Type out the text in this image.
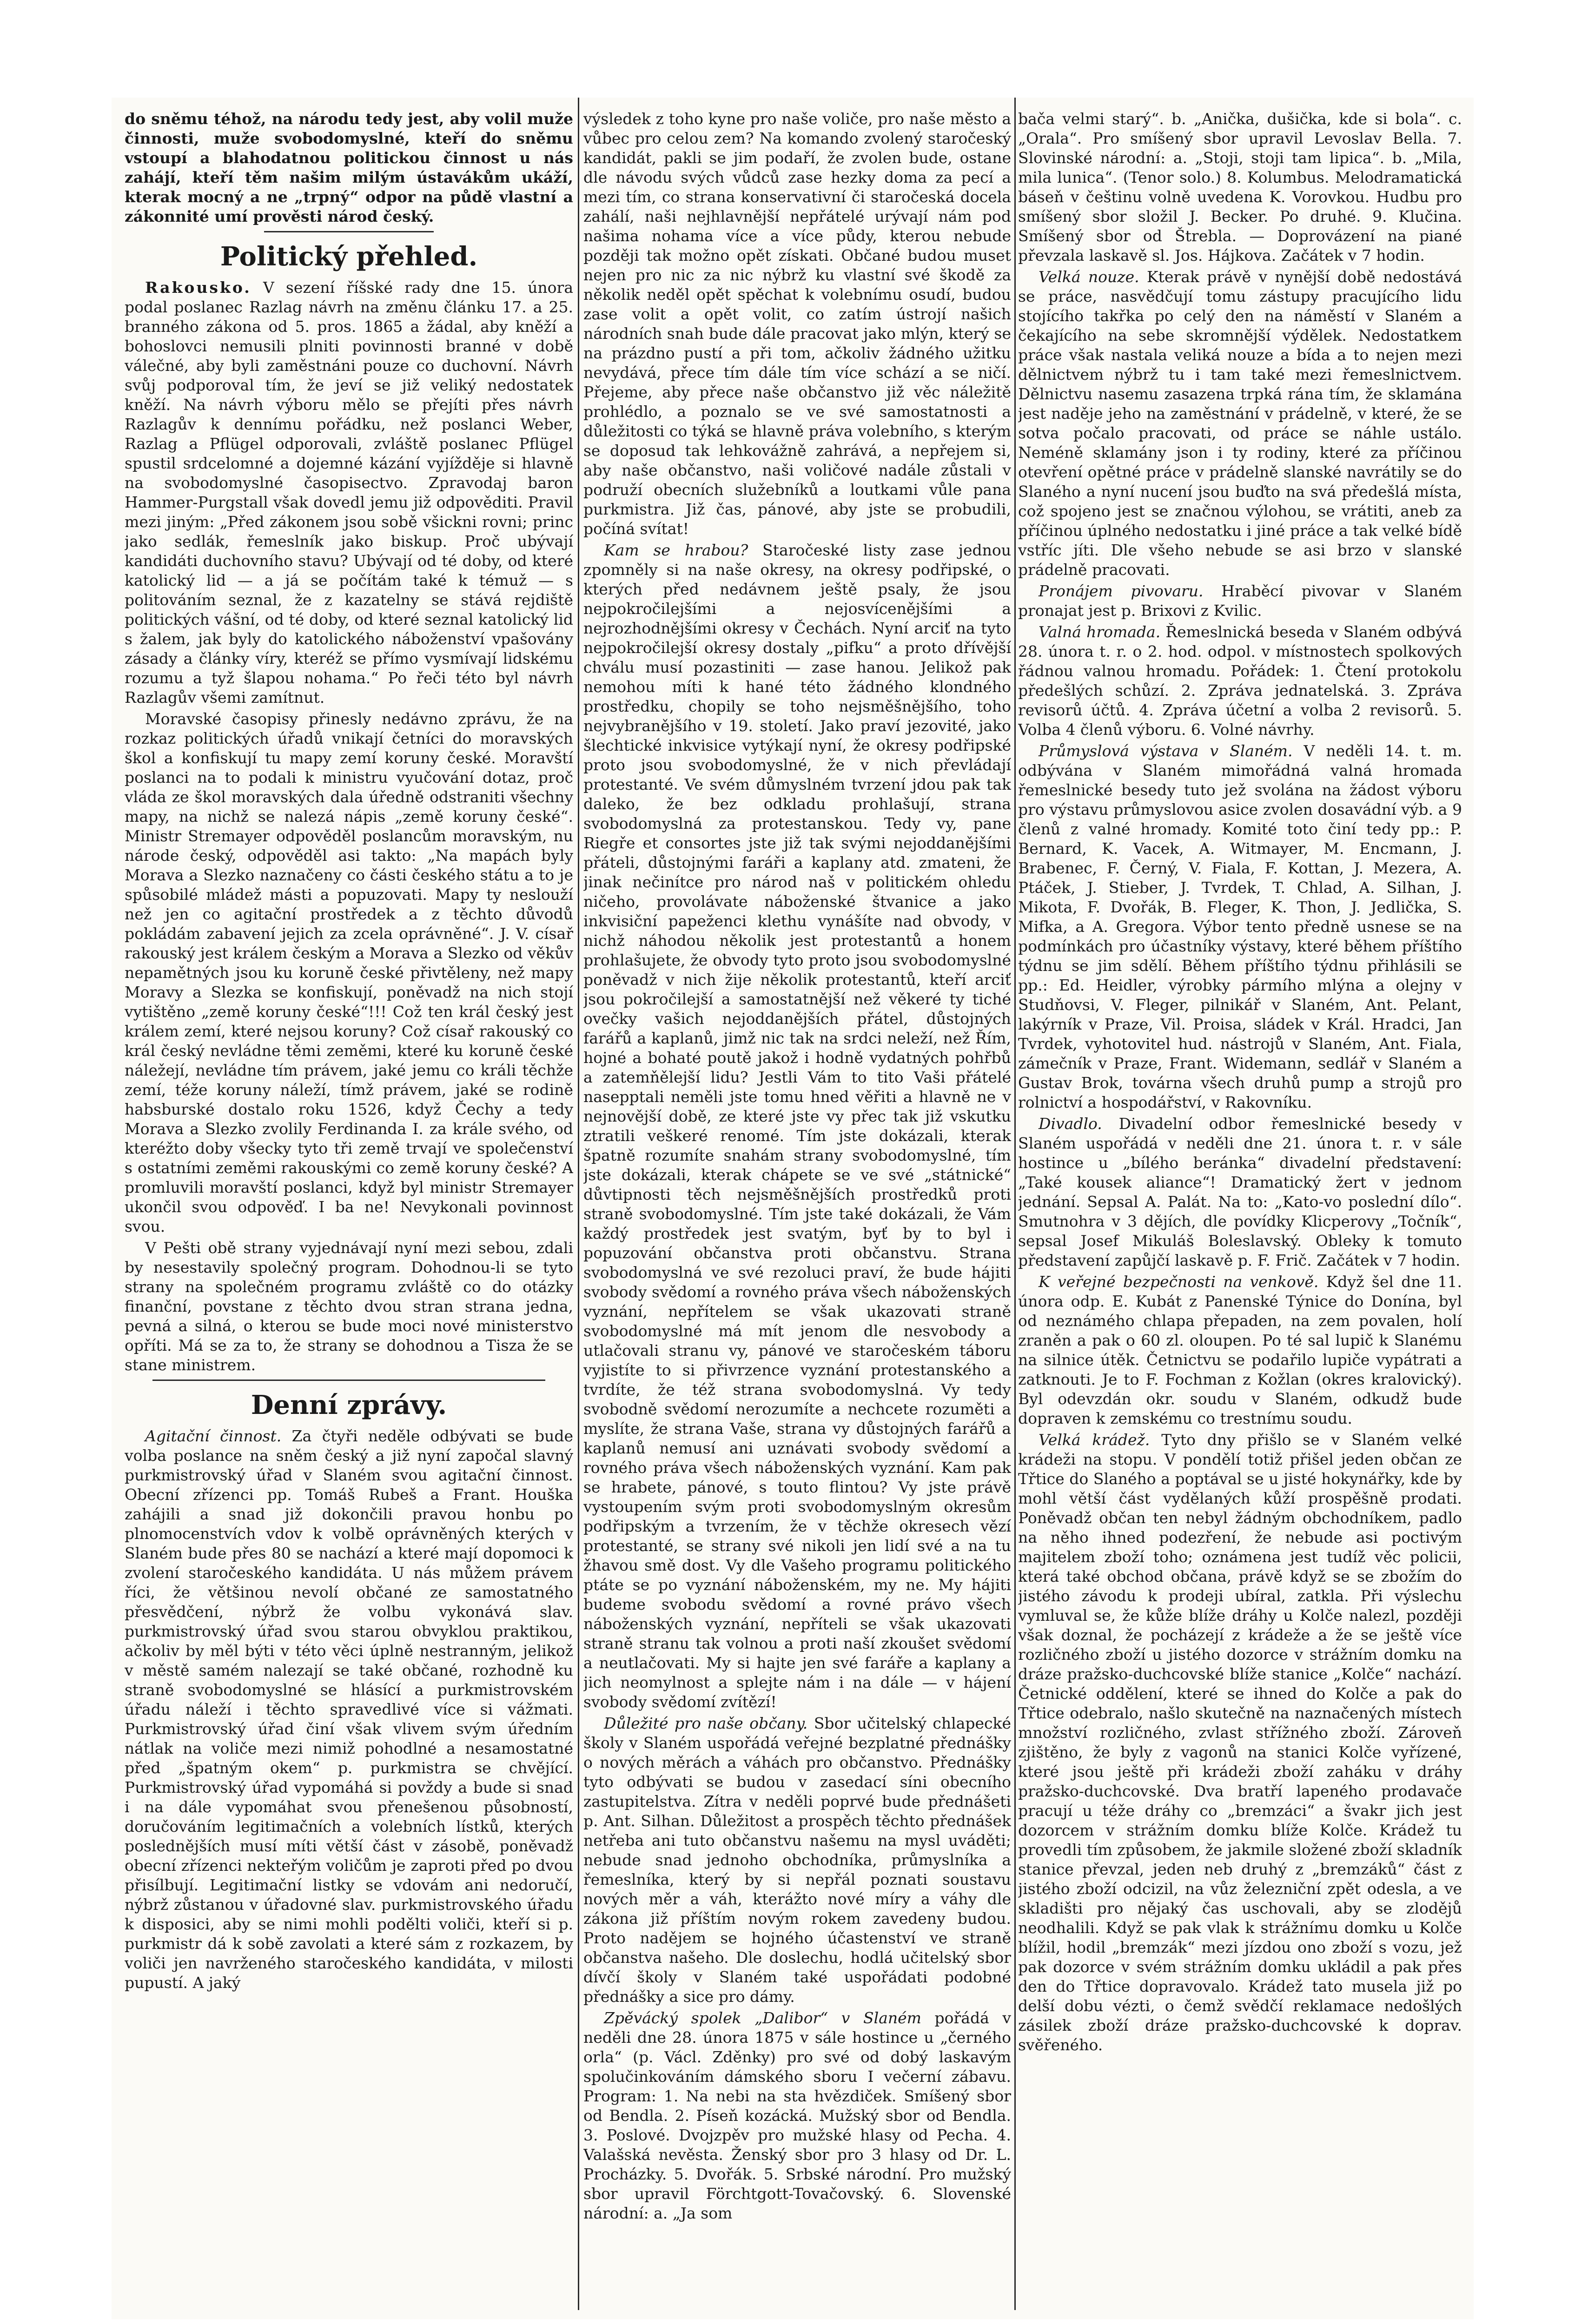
do sněmu téhož, na národu tedy jest, aby volil muže činnosti, muže svobodomyslné, kteří do sněmu vstoupí a blahodatnou politickou činnost u nás zahájí, kteří těm našim milým ústavákům ukáží, kterak mocný a ne „trpný“ odpor na půdě vlastní a zákonnité umí prověsti národ český.

Politický přehled.

Rakousko. V sezení říšské rady dne 15. února podal poslanec Razlag návrh na změnu článku 17. a 25. branného zákona od 5. pros. 1865 a žádal, aby kněží a bohoslovci nemusili plniti povinnosti branné v době válečné, aby byli zaměstnáni pouze co duchovní. Návrh svůj podporoval tím, že jeví se již veliký nedostatek kněží. Na návrh výboru mělo se přejíti přes návrh Razlagův k dennímu pořádku, než poslanci Weber, Razlag a Pflügel odporovali, zvláště poslanec Pflügel spustil srdcelomné a dojemné kázání vyjížděje si hlavně na svobodomyslné časopisectvo. Zpravodaj baron Hammer-Purgstall však dovedl jemu již odpověditi. Pravil mezi jiným: „Před zákonem jsou sobě všickni rovni; princ jako sedlák, řemeslník jako biskup. Proč ubývají kandidáti duchovního stavu? Ubývají od té doby, od které katolický lid — a já se počítám také k témuž — s politováním seznal, že z kazatelny se stává rejdiště politických vášní, od té doby, od které seznal katolický lid s žalem, jak byly do katolického náboženství vpašovány zásady a články víry, kteréž se přímo vysmívají lidskému rozumu a tyž šlapou nohama.“ Po řeči této byl návrh Razlagův všemi zamítnut.

Moravské časopisy přinesly nedávno zprávu, že na rozkaz politických úřadů vnikají četníci do moravských škol a konfiskují tu mapy zemí koruny české. Moravští poslanci na to podali k ministru vyučování dotaz, proč vláda ze škol moravských dala úředně odstraniti všechny mapy, na nichž se nalezá nápis „země koruny české“. Ministr Stremayer odpověděl poslancům moravským, nu národe český, odpověděl asi takto: „Na mapách byly Morava a Slezko naznačeny co části českého státu a to je spůsobilé mládež másti a popuzovati. Mapy ty neslouží než jen co agitační prostředek a z těchto důvodů pokládám zabavení jejich za zcela oprávněné“. J. V. císař rakouský jest králem českým a Morava a Slezko od věkův nepamětných jsou ku koruně české přivtěleny, než mapy Moravy a Slezka se konfiskují, poněvadž na nich stojí vytištěno „země koruny české“!!! Což ten král český jest králem zemí, které nejsou koruny? Což císař rakouský co král český nevládne těmi zeměmi, které ku koruně české náležejí, nevládne tím právem, jaké jemu co králi těchže zemí, téže koruny náleží, tímž právem, jaké se rodině habsburské dostalo roku 1526, když Čechy a tedy Morava a Slezko zvolily Ferdinanda I. za krále svého, od kteréžto doby všecky tyto tři země trvají ve společenství s ostatními zeměmi rakouskými co země koruny české? A promluvili moravští poslanci, když byl ministr Stremayer ukončil svou odpověď. I ba ne! Nevykonali povinnost svou.

V Pešti obě strany vyjednávají nyní mezi sebou, zdali by nesestavily společný program. Dohodnou-li se tyto strany na společném programu zvláště co do otázky finanční, povstane z těchto dvou stran strana jedna, pevná a silná, o kterou se bude moci nové ministerstvo opříti. Má se za to, že strany se dohodnou a Tisza že se stane ministrem.

Denní zprávy.

Agitační činnost. Za čtyři neděle odbývati se bude volba poslance na sněm český a již nyní započal slavný purkmistrovský úřad v Slaném svou agitační činnost. Obecní zřízenci pp. Tomáš Rubeš a Frant. Houška zahájili a snad již dokončili pravou honbu po plnomocenstvích vdov k volbě oprávněných kterých v Slaném bude přes 80 se nachází a které mají dopomoci k zvolení staročeského kandidáta. U nás můžem právem říci, že většinou nevolí občané ze samostatného přesvědčení, nýbrž že volbu vykonává slav. purkmistrovský úřad svou starou obvyklou praktikou, ačkoliv by měl býti v této věci úplně nestranným, jelikož v městě samém nalezají se také občané, rozhodně ku straně svobodomyslné se hlásící a purkmistrovském úřadu náleží i těchto spravedlivé více si vážmati. Purkmistrovský úřad činí však vlivem svým úředním nátlak na voliče mezi nimiž pohodlné a nesamostatné před „špatným okem“ p. purkmistra se chvějící. Purkmistrovský úřad vypomáhá si povždy a bude si snad i na dále vypomáhat svou přenešenou působností, doručováním legitimačních a volebních lístků, kterých poslednějších musí míti větší část v zásobě, poněvadž obecní zřízenci nekteřým voličům je zaproti před po dvou přisílbují. Legitimační listky se vdovám ani nedoručí, nýbrž zůstanou v úřadovné slav. purkmistrovského úřadu k disposici, aby se nimi mohli podělti voliči, kteří si p. purkmistr dá k sobě zavolati a které sám z rozkazem, by voliči jen navrženého staročeského kandidáta, v milosti pupustí. A jaký

výsledek z toho kyne pro naše voliče, pro naše město a vůbec pro celou zem? Na komando zvolený staročeský kandidát, pakli se jim podaří, že zvolen bude, ostane dle návodu svých vůdců zase hezky doma za pecí a mezi tím, co strana konservativní či staročeská docela zahálí, naši nejhlavnější nepřátelé urývají nám pod našima nohama více a více půdy, kterou nebude později tak možno opět získati. Občané budou muset nejen pro nic za nic nýbrž ku vlastní své škodě za několik neděl opět spěchat k volebnímu osudí, budou zase volit a opět volit, co zatím ústrojí našich národních snah bude dále pracovat jako mlýn, který se na prázdno pustí a při tom, ačkoliv žádného užitku nevydává, přece tím dále tím více schází a se ničí. Přejeme, aby přece naše občanstvo již věc náležitě prohlédlo, a poznalo se ve své samostatnosti a důležitosti co týká se hlavně práva volebního, s kterým se doposud tak lehkovážně zahrává, a nepřejem si, aby naše občanstvo, naši voličové nadále zůstali v podruží obecních služebníků a loutkami vůle pana purkmistra. Již čas, pánové, aby jste se probudili, počíná svítat!

Kam se hrabou? Staročeské listy zase jednou zpomněly si na naše okresy, na okresy podřipské, o kterých před nedávnem ještě psaly, že jsou nejpokročilejšími a nejosvícenějšími a nejrozhodnějšími okresy v Čechách. Nyní arciť na tyto nejpokročilejší okresy dostaly „pifku“ a proto dřívější chválu musí pozastiniti — zase hanou. Jelikož pak nemohou míti k hané této žádného klondného prostředku, chopily se toho nejsměšnějšího, toho nejvybranějšího v 19. století. Jako praví jezovité, jako šlechtické inkvisice vytýkají nyní, že okresy podřipské proto jsou svobodomyslné, že v nich převládají protestanté. Ve svém důmyslném tvrzení jdou pak tak daleko, že bez odkladu prohlašují, strana svobodomyslná za protestanskou. Tedy vy, pane Riegře et consortes jste již tak svými nejoddanějšími přáteli, důstojnými faráři a kaplany atd. zmateni, že jinak nečinítce pro národ naš v politickém ohledu ničeho, provolávate náboženské štvanice a jako inkvisiční papeženci klethu vynášíte nad obvody, v nichž náhodou několik jest protestantů a honem prohlašujete, že obvody tyto proto jsou svobodomyslné poněvadž v nich žije několik protestantů, kteří arciť jsou pokročilejší a samostatnější než věkeré ty tiché ovečky vašich nejoddanějších přátel, důstojných farářů a kaplanů, jimž nic tak na srdci neleží, než Řím, hojné a bohaté poutě jakož i hodně vydatných pohřbů a zatemňělejší lidu? Jestli Vám to tito Vaši přátelé nasepptali neměli jste tomu hned věřiti a hlavně ne v nejnovější době, ze které jste vy přec tak již vskutku ztratili veškeré renomé. Tím jste dokázali, kterak špatně rozumíte snahám strany svobodomyslné, tím jste dokázali, kterak chápete se ve své „státnické“ důvtipnosti těch nejsměšnějších prostředků proti straně svobodomyslné. Tím jste také dokázali, že Vám každý prostředek jest svatým, byť by to byl i popuzování občanstva proti občanstvu. Strana svobodomyslná ve své rezoluci praví, že bude hájiti svobody svědomí a rovného práva všech náboženských vyznání, nepřítelem se však ukazovati straně svobodomyslné má mít jenom dle nesvobody a utlačovali stranu vy, pánové ve staročeském táboru vyjistíte to si přivrzence vyznání protestanského a tvrdíte, že též strana svobodomyslná. Vy tedy svobodně svědomí nerozumíte a nechcete rozuměti a myslíte, že strana Vaše, strana vy důstojných farářů a kaplanů nemusí ani uznávati svobody svědomí a rovného práva všech náboženských vyznání. Kam pak se hrabete, pánové, s touto flintou? Vy jste právě vystoupením svým proti svobodomyslným okresům podřipským a tvrzením, že v těchže okresech vězí protestanté, se strany své nikoli jen lidí své a na tu žhavou smě dost. Vy dle Vašeho programu politického ptáte se po vyznání náboženském, my ne. My hájiti budeme svobodu svědomí a rovné právo všech náboženských vyznání, nepříteli se však ukazovati straně stranu tak volnou a proti naší zkoušet svědomí a neutlačovati. My si hajte jen své faráře a kaplany a jich neomylnost a splejte nám i na dále — v hájení svobody svědomí zvítězí!

Důležité pro naše občany. Sbor učitelský chlapecké školy v Slaném uspořádá veřejné bezplatné přednášky o nových měrách a váhách pro občanstvo. Přednášky tyto odbývati se budou v zasedací síni obecního zastupitelstva. Zítra v neděli poprvé bude přednášeti p. Ant. Silhan. Důležitost a prospěch těchto přednášek netřeba ani tuto občanstvu našemu na mysl uváděti; nebude snad jednoho obchodníka, průmyslníka a řemeslníka, který by si nepřál poznati soustavu nových měr a váh, kterážto nové míry a váhy dle zákona již příštím novým rokem zavedeny budou. Proto nadějem se hojného účastenství ve straně občanstva našeho. Dle doslechu, hodlá učitelský sbor dívčí školy v Slaném také uspořádati podobné přednášky a sice pro dámy.

Zpěvácký spolek „Dalibor“ v Slaném pořádá v neděli dne 28. února 1875 v sále hostince u „černého orla“ (p. Václ. Zděnky) pro své od dobý laskavým spolučinkováním dámského sboru I večerní zábavu. Program: 1. Na nebi na sta hvězdiček. Smíšený sbor od Bendla. 2. Píseň kozácká. Mužský sbor od Bendla. 3. Poslové. Dvojzpěv pro mužské hlasy od Pecha. 4. Valašská nevěsta. Ženský sbor pro 3 hlasy od Dr. L. Procházky. 5. Dvořák. 5. Srbské národní. Pro mužský sbor upravil Förchtgott-Tovačovský. 6. Slovenské národní: a. „Ja som

bača velmi starý“. b. „Anička, dušička, kde si bola“. c. „Orala“. Pro smíšený sbor upravil Levoslav Bella. 7. Slovinské národní: a. „Stoji, stoji tam lipica“. b. „Mila, mila lunica“. (Tenor solo.) 8. Kolumbus. Melodramatická báseň v češtinu volně uvedena K. Vorovkou. Hudbu pro smíšený sbor složil J. Becker. Po druhé. 9. Klučina. Smíšený sbor od Štrebla. — Doprovázení na piané převzala laskavě sl. Jos. Hájkova. Začátek v 7 hodin.

Velká nouze. Kterak právě v nynější době nedostává se práce, nasvědčují tomu zástupy pracujícího lidu stojícího takřka po celý den na náměstí v Slaném a čekajícího na sebe skromnější výdělek. Nedostatkem práce však nastala veliká nouze a bída a to nejen mezi dělnictvem nýbrž tu i tam také mezi řemeslnictvem. Dělnictvu nasemu zasazena trpká rána tím, že sklamána jest naděje jeho na zaměstnání v prádelně, v které, že se sotva počalo pracovati, od práce se náhle ustálo. Neméně sklamány json i ty rodiny, které za příčinou otevření opětné práce v prádelně slanské navrátily se do Slaného a nyní nucení jsou buďto na svá předešlá místa, což spojeno jest se značnou výlohou, se vrátiti, aneb za příčinou úplného nedostatku i jiné práce a tak velké bídě vstříc jíti. Dle všeho nebude se asi brzo v slanské prádelně pracovati.

Pronájem pivovaru. Hraběcí pivovar v Slaném pronajat jest p. Brixovi z Kvilic.

Valná hromada. Řemeslnická beseda v Slaném odbývá 28. února t. r. o 2. hod. odpol. v místnostech spolkových řádnou valnou hromadu. Pořádek: 1. Čtení protokolu předešlých schůzí. 2. Zpráva jednatelská. 3. Zpráva revisorů účtů. 4. Zpráva účetní a volba 2 revisorů. 5. Volba 4 členů výboru. 6. Volné návrhy.

Průmyslová výstava v Slaném. V neděli 14. t. m. odbývána v Slaném mimořádná valná hromada řemeslnické besedy tuto jež svolána na žádost výboru pro výstavu průmyslovou asice zvolen dosavádní výb. a 9 členů z valné hromady. Komité toto činí tedy pp.: P. Bernard, K. Vacek, A. Witmayer, M. Encmann, J. Brabenec, F. Černý, V. Fiala, F. Kottan, J. Mezera, A. Ptáček, J. Stieber, J. Tvrdek, T. Chlad, A. Silhan, J. Mikota, F. Dvořák, B. Fleger, K. Thon, J. Jedlička, S. Mifka, a A. Gregora. Výbor tento předně usnese se na podmínkách pro účastníky výstavy, které během příštího týdnu se jim sdělí. Během příštího týdnu přihlásili se pp.: Ed. Heidler, výrobky pármího mlýna a olejny v Studňovsi, V. Fleger, pilnikář v Slaném, Ant. Pelant, lakýrník v Praze, Vil. Proisa, sládek v Král. Hradci, Jan Tvrdek, vyhotovitel hud. nástrojů v Slaném, Ant. Fiala, zámečník v Praze, Frant. Widemann, sedlář v Slaném a Gustav Brok, továrna všech druhů pump a strojů pro rolnictví a hospodářství, v Rakovníku.

Divadlo. Divadelní odbor řemeslnické besedy v Slaném uspořádá v neděli dne 21. února t. r. v sále hostince u „bílého beránka“ divadelní představení: „Také kousek aliance“! Dramatický žert v jednom jednání. Sepsal A. Palát. Na to: „Kato-vo poslední dílo“. Smutnohra v 3 dějích, dle povídky Klicperovy „Točník“, sepsal Josef Mikuláš Boleslavský. Obleky k tomuto představení zapůjčí laskavě p. F. Frič. Začátek v 7 hodin.

K veřejné bezpečnosti na venkově. Když šel dne 11. února odp. E. Kubát z Panenské Týnice do Donína, byl od neznámého chlapa přepaden, na zem povalen, holí zraněn a pak o 60 zl. oloupen. Po té sal lupič k Slanému na silnice útěk. Četnictvu se podařilo lupiče vypátrati a zatknouti. Je to F. Fochman z Kožlan (okres kralovický). Byl odevzdán okr. soudu v Slaném, odkudž bude dopraven k zemskému co trestnímu soudu.

Velká krádež. Tyto dny přišlo se v Slaném velké krádeži na stopu. V pondělí totiž přišel jeden občan ze Třtice do Slaného a poptával se u jisté hokynářky, kde by mohl větší část vydělaných kůží prospěšně prodati. Poněvadž občan ten nebyl žádným obchodníkem, padlo na něho ihned podezření, že nebude asi poctivým majitelem zboží toho; oznámena jest tudíž věc policii, která také obchod občana, právě když se se zbožím do jistého závodu k prodeji ubíral, zatkla. Při výslechu vymluval se, že kůže blíže dráhy u Kolče nalezl, později však doznal, že pocházejí z krádeže a že se ještě více rozličného zboží u jistého dozorce v strážním domku na dráze pražsko-duchcovské blíže stanice „Kolče“ nachází. Četnické oddělení, které se ihned do Kolče a pak do Třtice odebralo, našlo skutečně na naznačených místech množství rozličného, zvlast střížného zboží. Zároveň zjištěno, že byly z vagonů na stanici Kolče vyřízené, které jsou ještě při krádeži zboží zaháku v dráhy pražsko-duchcovské. Dva bratří lapeného prodavače pracují u téže dráhy co „bremzáci“ a švakr jich jest dozorcem v strážním domku blíže Kolče. Krádež tu provedli tím způsobem, že jakmile složené zboží skladník stanice převzal, jeden neb druhý z „bremzáků“ část z jistého zboží odcizil, na vůz železniční zpět odesla, a ve skladišti pro nějaký čas uschovali, aby se zlodějů neodhalili. Když se pak vlak k strážnímu domku u Kolče blížil, hodil „bremzák“ mezi jízdou ono zboží s vozu, jež pak dozorce v svém strážním domku ukládil a pak přes den do Třtice dopravovalo. Krádež tato musela již po delší dobu vézti, o čemž svědčí reklamace nedošlých zásilek zboží dráze pražsko-duchcovské k doprav. svěřeného.
